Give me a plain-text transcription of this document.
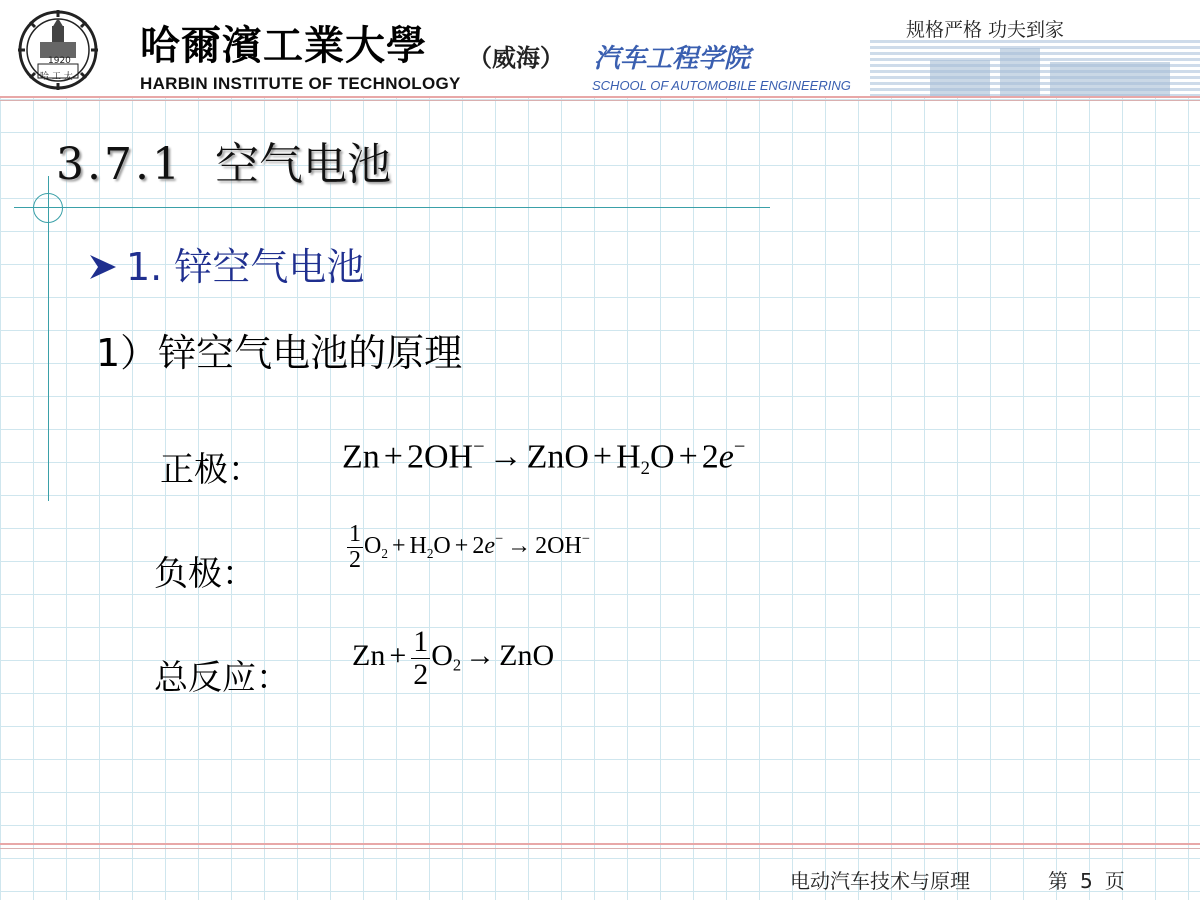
1920
哈 工 大
哈爾濱工業大學 （威海） 汽车工程学院
HARBIN INSTITUTE OF TECHNOLOGY	SCHOOL OF AUTOMOBILE ENGINEERING
规格严格 功夫到家
3.7.1 空气电池
1. 锌空气电池
1）锌空气电池的原理
正极： Zn + 2OH− → ZnO + $H_2O + 2e^-$
负极：
$\frac{1}{2} O_2 + H_2O + 2e^- \to 2OH^-$
总反应：
$Zn + \frac{1}{2} O_2$ → ZnO
电动汽车技术与原理	第 5 页
